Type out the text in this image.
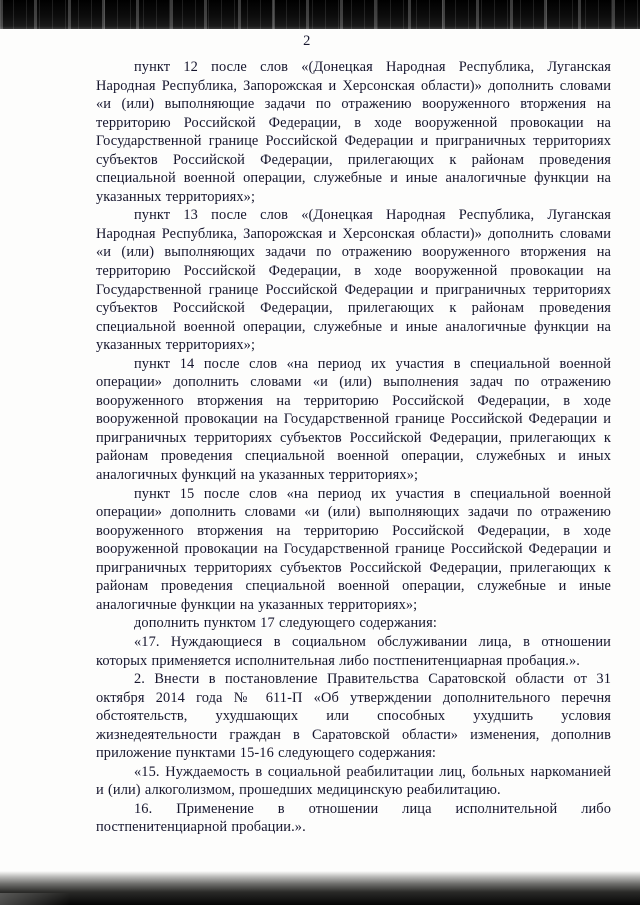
2

пункт 12 после слов «(Донецкая Народная Республика, Луганская Народная Республика, Запорожская и Херсонская области)» дополнить словами «и (или) выполняющие задачи по отражению вооруженного вторжения на территорию Российской Федерации, в ходе вооруженной провокации на Государственной границе Российской Федерации и приграничных территориях субъектов Российской Федерации, прилегающих к районам проведения специальной военной операции, служебные и иные аналогичные функции на указанных территориях»;

пункт 13 после слов «(Донецкая Народная Республика, Луганская Народная Республика, Запорожская и Херсонская области)» дополнить словами «и (или) выполняющих задачи по отражению вооруженного вторжения на территорию Российской Федерации, в ходе вооруженной провокации на Государственной границе Российской Федерации и приграничных территориях субъектов Российской Федерации, прилегающих к районам проведения специальной военной операции, служебные и иные аналогичные функции на указанных территориях»;

пункт 14 после слов «на период их участия в специальной военной операции» дополнить словами «и (или) выполнения задач по отражению вооруженного вторжения на территорию Российской Федерации, в ходе вооруженной провокации на Государственной границе Российской Федерации и приграничных территориях субъектов Российской Федерации, прилегающих к районам проведения специальной военной операции, служебных и иных аналогичных функций на указанных территориях»;

пункт 15 после слов «на период их участия в специальной военной операции» дополнить словами «и (или) выполняющих задачи по отражению вооруженного вторжения на территорию Российской Федерации, в ходе вооруженной провокации на Государственной границе Российской Федерации и приграничных территориях субъектов Российской Федерации, прилегающих к районам проведения специальной военной операции, служебные и иные аналогичные функции на указанных территориях»;

дополнить пунктом 17 следующего содержания:

«17. Нуждающиеся в социальном обслуживании лица, в отношении которых применяется исполнительная либо постпенитенциарная пробация.».

2. Внести в постановление Правительства Саратовской области от 31 октября 2014 года № 611-П «Об утверждении дополнительного перечня обстоятельств, ухудшающих или способных ухудшить условия жизнедеятельности граждан в Саратовской области» изменения, дополнив приложение пунктами 15-16 следующего содержания:

«15. Нуждаемость в социальной реабилитации лиц, больных наркоманией и (или) алкоголизмом, прошедших медицинскую реабилитацию.

16. Применение в отношении лица исполнительной либо постпенитенциарной пробации.».
